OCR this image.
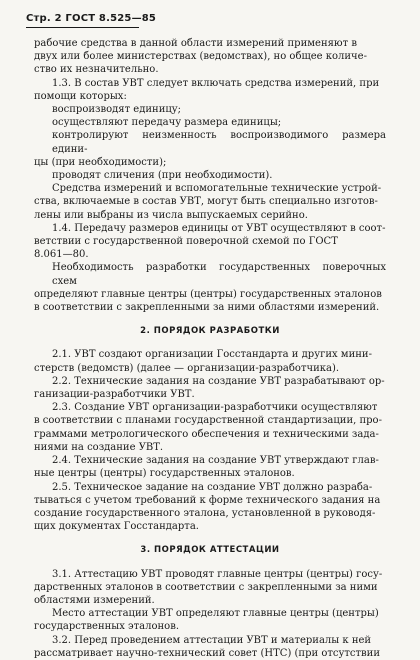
Стр. 2 ГОСТ 8.525—85
рабочие средства в данной области измерений применяют в
двух или более министерствах (ведомствах), но общее количе-
ство их незначительно.
1.3. В состав УВТ следует включать средства измерений, при
помощи которых:
воспроизводят единицу;
осуществляют передачу размера единицы;
контролируют неизменность воспроизводимого размера едини-
цы (при необходимости);
проводят сличения (при необходимости).
Средства измерений и вспомогательные технические устрой-
ства, включаемые в состав УВТ, могут быть специально изготов-
лены или выбраны из числа выпускаемых серийно.
1.4. Передачу размеров единицы от УВТ осуществляют в соот-
ветствии с государственной поверочной схемой по ГОСТ
8.061—80.
Необходимость разработки государственных поверочных схем
определяют главные центры (центры) государственных эталонов
в соответствии с закрепленными за ними областями измерений.
2. ПОРЯДОК РАЗРАБОТКИ
2.1. УВТ создают организации Госстандарта и других мини-
стерств (ведомств) (далее — организации-разработчика).
2.2. Технические задания на создание УВТ разрабатывают ор-
ганизации-разработчики УВТ.
2.3. Создание УВТ организации-разработчики осуществляют
в соответствии с планами государственной стандартизации, про-
граммами метрологического обеспечения и техническими зада-
ниями на создание УВТ.
2.4. Технические задания на создание УВТ утверждают глав-
ные центры (центры) государственных эталонов.
2.5. Техническое задание на создание УВТ должно разраба-
тываться с учетом требований к форме технического задания на
создание государственного эталона, установленной в руководя-
щих документах Госстандарта.
3. ПОРЯДОК АТТЕСТАЦИИ
3.1. Аттестацию УВТ проводят главные центры (центры) госу-
дарственных эталонов в соответствии с закрепленными за ними
областями измерений.
Место аттестации УВТ определяют главные центры (центры)
государственных эталонов.
3.2. Перед проведением аттестации УВТ и материалы к ней
рассматривает научно-технический совет (НТС) (при отсутствии
